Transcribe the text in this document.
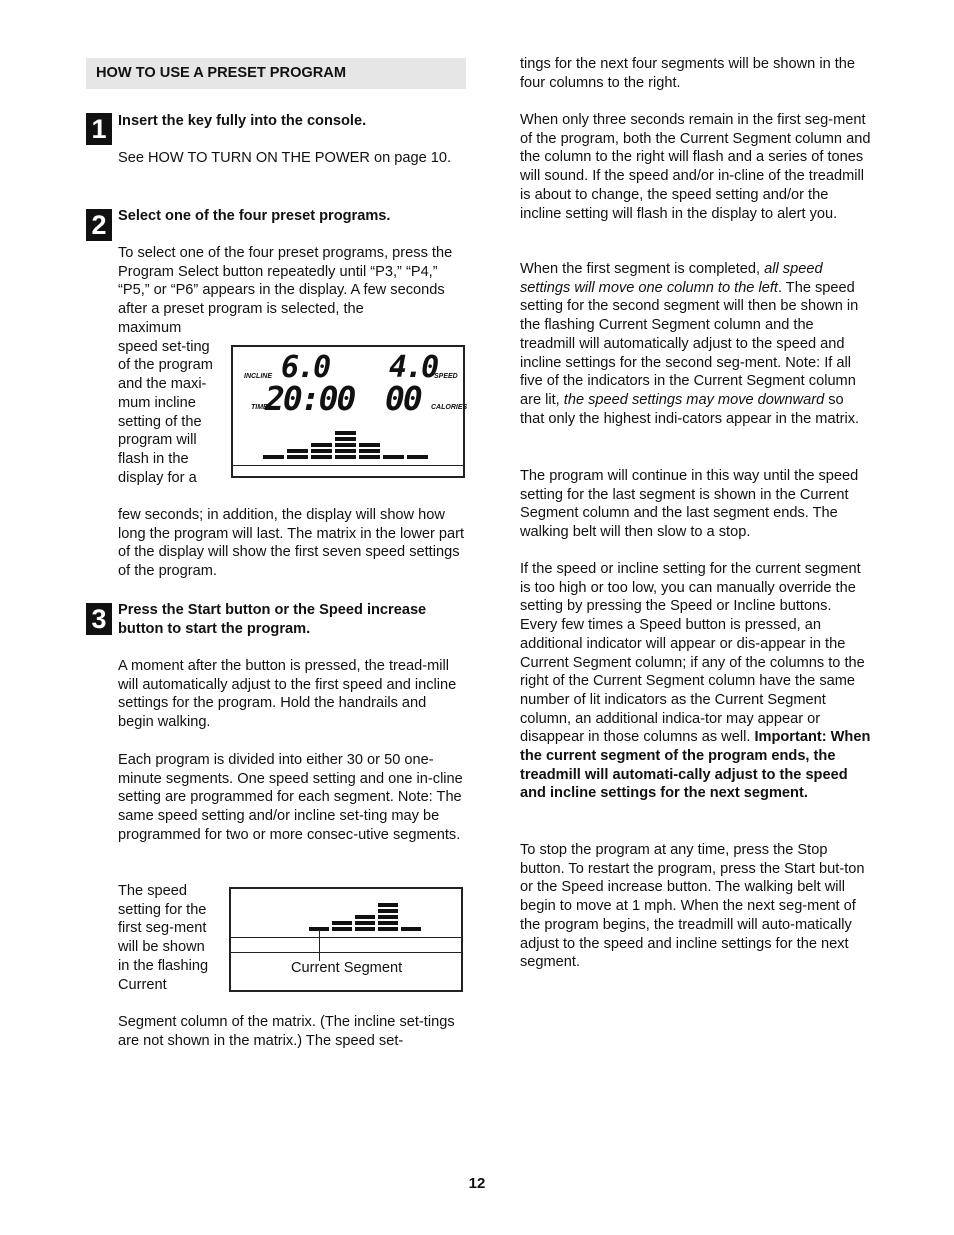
HOW TO USE A PRESET PROGRAM
1 Insert the key fully into the console.

See HOW TO TURN ON THE POWER on page 10.

2 Select one of the four preset programs.

To select one of the four preset programs, press the Program Select button repeatedly until “P3,” “P4,” “P5,” or “P6” appears in the display. A few seconds after a preset program is selected, the

maximum speed set-ting of the program and the maxi-mum incline setting of the program will flash in the display for a

few seconds; in addition, the display will show how long the program will last. The matrix in the lower part of the display will show the first seven speed settings of the program.

INCLINE 6.0 4.0
SPEED
TIME
20:00 00 CALORIES
3 Press the Start button or the Speed increase button to start the program.

A moment after the button is pressed, the tread-mill will automatically adjust to the first speed and incline settings for the program. Hold the handrails and begin walking.

Each program is divided into either 30 or 50 one-minute segments. One speed setting and one in-cline setting are programmed for each segment. Note: The same speed setting and/or incline set-ting may be programmed for two or more consec-utive segments.

The speed setting for the first seg-ment will be shown in the flashing Current

Segment column of the matrix. (The incline set-tings are not shown in the matrix.) The speed set-

Current Segment

tings for the next four segments will be shown in the four columns to the right.

When only three seconds remain in the first seg-ment of the program, both the Current Segment column and the column to the right will flash and a series of tones will sound. If the speed and/or in-cline of the treadmill is about to change, the speed setting and/or the incline setting will flash in the display to alert you.

When the first segment is completed, all speed settings will move one column to the left. The speed setting for the second segment will then be shown in the flashing Current Segment column and the treadmill will automatically adjust to the speed and incline settings for the second seg-ment. Note: If all five of the indicators in the Current Segment column are lit, the speed settings may move downward so that only the highest indi-cators appear in the matrix.

The program will continue in this way until the speed setting for the last segment is shown in the Current Segment column and the last segment ends. The walking belt will then slow to a stop.

If the speed or incline setting for the current segment is too high or too low, you can manually override the setting by pressing the Speed or Incline buttons. Every few times a Speed button is pressed, an additional indicator will appear or dis-appear in the Current Segment column; if any of the columns to the right of the Current Segment column have the same number of lit indicators as the Current Segment column, an additional indica-tor may appear or disappear in those columns as well. Important: When the current segment of the program ends, the treadmill will automati-cally adjust to the speed and incline settings for the next segment.

To stop the program at any time, press the Stop button. To restart the program, press the Start but-ton or the Speed increase button. The walking belt will begin to move at 1 mph. When the next seg-ment of the program begins, the treadmill will auto-matically adjust to the speed and incline settings for the next segment.

12
